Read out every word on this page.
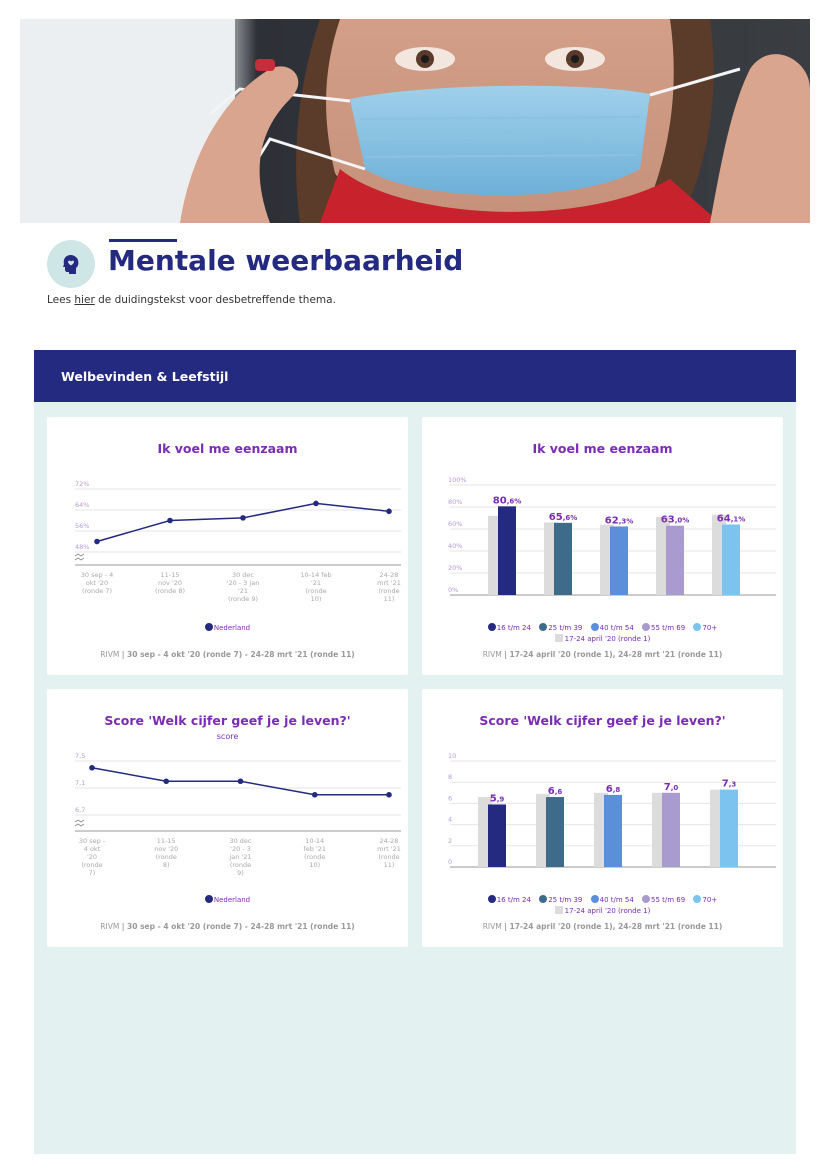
Mentale weerbaarheid

Lees hier de duidingstekst voor desbetreffende thema.

Welbevinden & Leefstijl
Ik voel me eenzaam
72%
64%
56%
48%
30 sep - 4 okt '20 (ronde 7)
11-15 nov '20 (ronde 8)
30 dec '20 - 3 jan '21 (ronde 9)
10-14 feb '21 (ronde 10)
24-28 mrt '21 (ronde 11)
Nederland
RIVM | 30 sep - 4 okt '20 (ronde 7) - 24-28 mrt '21 (ronde 11)
Ik voel me eenzaam
100%
80%
60%
40%
20%
0%
80,6%
65,6%	62,3%	63,0%	64,1%
16 t/m 24 25 t/m 39 40 t/m 54 55 t/m 69 70+
17-24 april '20 (ronde 1)
RIVM | 17-24 april '20 (ronde 1), 24-28 mrt '21 (ronde 11)
Score 'Welk cijfer geef je je leven?'
score
7,5
7,1
6,7
30 sep -4 okt '20 (ronde 7)
11-15 nov '20 (ronde 8)
30 dec '20 - 3 jan '21 (ronde 9)
10-14 feb '21 (ronde 10)
24-28 mrt '21 (ronde 11)
Nederland
RIVM | 30 sep - 4 okt '20 (ronde 7) - 24-28 mrt '21 (ronde 11)
Score 'Welk cijfer geef je je leven?'
10
8
6
4
2
0
5,9
6,6	6,8	7,0	7,3
16 t/m 24 25 t/m 39 40 t/m 54 55 t/m 69 70+
17-24 april '20 (ronde 1)
RIVM | 17-24 april '20 (ronde 1), 24-28 mrt '21 (ronde 11)
